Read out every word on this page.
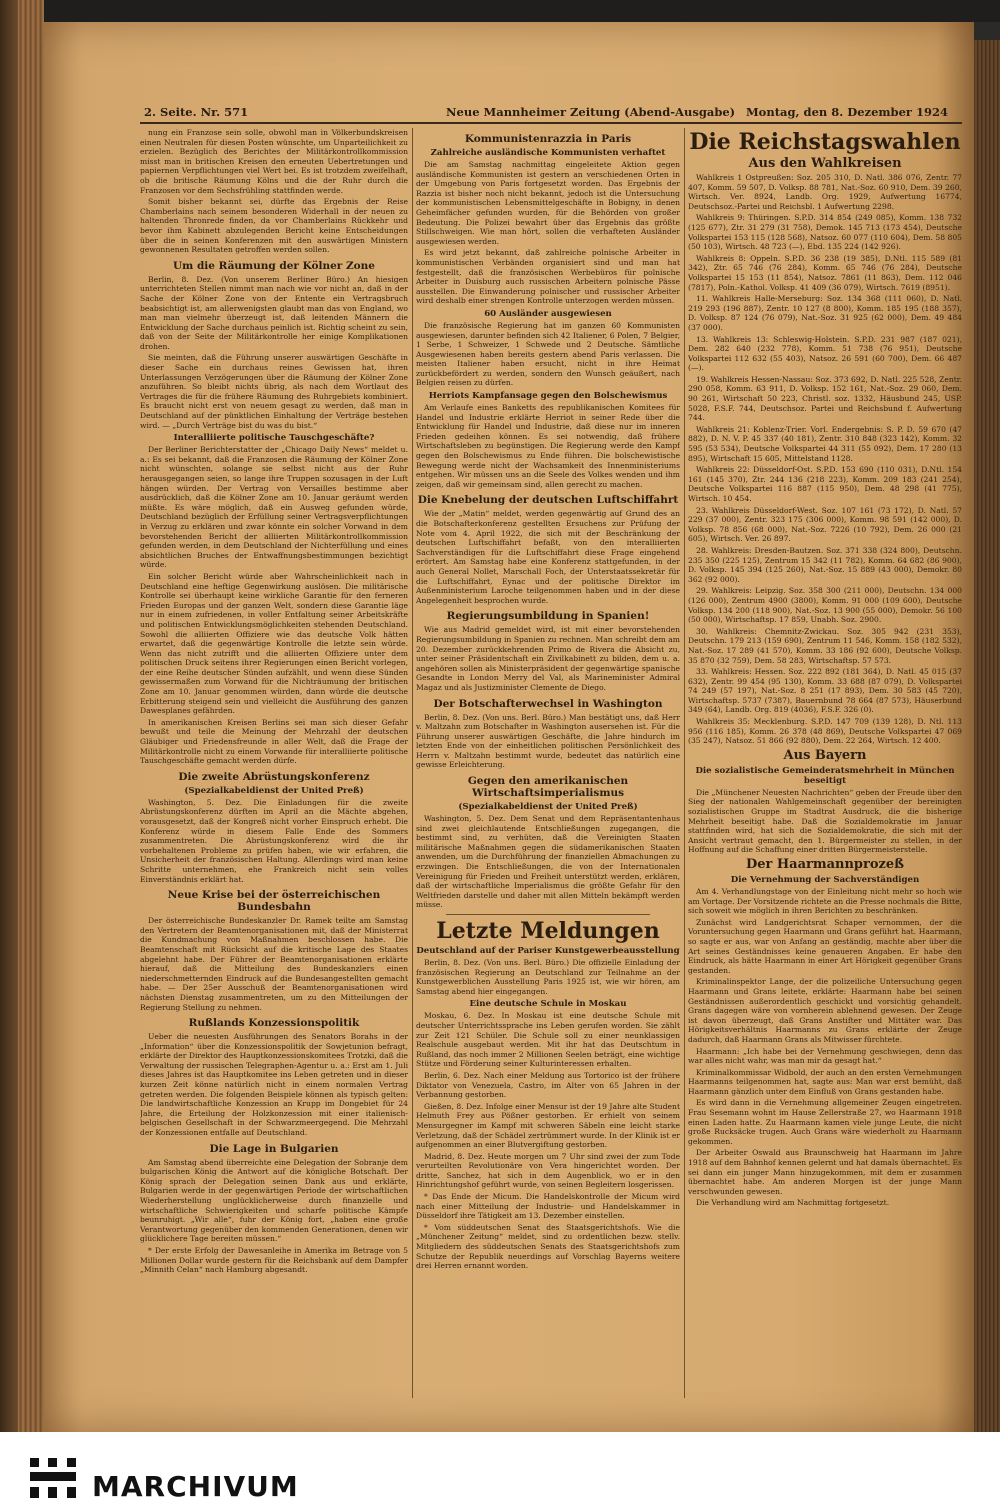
2. Seite. Nr. 571	Neue Mannheimer Zeitung (Abend-Ausgabe) Montag, den 8. Dezember 1924

nung ein Franzose sein solle, obwohl man in Völkerbundskreisen einen Neutralen für diesen Posten wünschte, um Unparteilichkeit zu erzielen. Bezüglich des Berichtes der Militärkontrollkommission misst man in britischen Kreisen den erneuten Uebertretungen und papiernen Verpflichtungen viel Wert bei. Es ist trotzdem zweifelhaft, ob die britische Räumung Kölns und die der Ruhr durch die Franzosen vor dem Sechsfrühling stattfinden werde.

Somit bisher bekannt sei, dürfte das Ergebnis der Reise Chamberlains nach seinem besonderen Widerhall in der neuen zu haltenden Thronrede finden, da vor Chamberlains Rückkehr und bevor ihm Kabinett abzulegenden Bericht keine Entscheidungen über die in seinen Konferenzen mit den auswärtigen Ministern gewonnenen Resultaten getroffen werden sollen.

Um die Räumung der Kölner Zone

Berlin, 8. Dez. (Von unserem Berliner Büro.) An hiesigen unterrichteten Stellen nimmt man nach wie vor nicht an, daß in der Sache der Kölner Zone von der Entente ein Vertragsbruch beabsichtigt ist, am allerwenigsten glaubt man das von England, wo man man vielmehr überzeugt ist, daß leitenden Männern die Entwicklung der Sache durchaus peinlich ist. Richtig scheint zu sein, daß von der Seite der Militärkontrolle her einige Komplikationen drohen.

Sie meinten, daß die Führung unserer auswärtigen Geschäfte in dieser Sache ein durchaus reines Gewissen hat, ihren Unterlassungen Verzögerungen über die Räumung der Kölner Zone anzuführen. So bleibt nichts übrig, als nach dem Wortlaut des Vertrages die für die frühere Räumung des Ruhrgebiets kombiniert. Es braucht nicht erst von neuem gesagt zu werden, daß man in Deutschland auf der pünktlichen Einhaltung der Verträge bestehen wird. — „Durch Verträge bist du was du bist.“

Interalliierte politische Tauschgeschäfte?

Der Berliner Berichterstatter der „Chicago Daily News“ meldet u. a.: Es sei bekannt, daß die Franzosen die Räumung der Kölner Zone nicht wünschten, solange sie selbst nicht aus der Ruhr herausgegangen seien, so lange ihre Truppen sozusagen in der Luft hängen würden. Der Vertrag von Versailles bestimme aber ausdrücklich, daß die Kölner Zone am 10. Januar geräumt werden müßte. Es wäre möglich, daß ein Ausweg gefunden würde, Deutschland bezüglich der Erfüllung seiner Vertragsverpflichtungen in Verzug zu erklären und zwar könnte ein solcher Vorwand in dem bevorstehenden Bericht der alliierten Militärkontrollkommission gefunden werden, in dem Deutschland der Nichterfüllung und eines absichtlichen Bruches der Entwaffnungsbestimmungen bezichtigt würde.

Ein solcher Bericht würde aber Wahrscheinlichkeit nach in Deutschland eine heftige Gegenwirkung auslösen. Die militärische Kontrolle sei überhaupt keine wirkliche Garantie für den ferneren Frieden Europas und der ganzen Welt, sondern diese Garantie läge nur in einem zufriedenen, in voller Entfaltung seiner Arbeitskräfte und politischen Entwicklungsmöglichkeiten stehenden Deutschland. Sowohl die alliierten Offiziere wie das deutsche Volk hätten erwartet, daß die gegenwärtige Kontrolle die letzte sein würde. Wenn das nicht zutrifft und die alliierten Offiziere unter dem politischen Druck seitens ihrer Regierungen einen Bericht vorlegen, der eine Reihe deutscher Sünden aufzählt, und wenn diese Sünden gewissermaßen zum Vorwand für die Nichträumung der britischen Zone am 10. Januar genommen würden, dann würde die deutsche Erbitterung steigend sein und vielleicht die Ausführung des ganzen Dawesplanes gefährden.

In amerikanischen Kreisen Berlins sei man sich dieser Gefahr bewußt und teile die Meinung der Mehrzahl der deutschen Gläubiger und Friedensfreunde in aller Welt, daß die Frage der Militärkontrolle nicht zu einem Vorwande für interalliierte politische Tauschgeschäfte gemacht werden dürfe.

Die zweite Abrüstungskonferenz
(Spezialkabeldienst der United Preß)

Washington, 5. Dez. Die Einladungen für die zweite Abrüstungskonferenz dürften im April an die Mächte abgehen, vorausgesetzt, daß der Kongreß nicht vorher Einspruch erhebt. Die Konferenz würde in diesem Falle Ende des Sommers zusammentreten. Die Abrüstungskonferenz wird die ihr vorbehaltenen Probleme zu prüfen haben, wie wir erfahren, die Unsicherheit der französischen Haltung. Allerdings wird man keine Schritte unternehmen, ehe Frankreich nicht sein volles Einverständnis erklärt hat.

Neue Krise bei der österreichischen Bundesbahn

Der österreichische Bundeskanzler Dr. Ramek teilte am Samstag den Vertretern der Beamtenorganisationen mit, daß der Ministerrat die Kundmachung von Maßnahmen beschlossen habe. Die Beamtenschaft mit Rücksicht auf die kritische Lage des Staates abgelehnt habe. Der Führer der Beamtenorganisationen erklärte hierauf, daß die Mitteilung des Bundeskanzlers einen niederschmetternden Eindruck auf die Bundesangestellten gemacht habe. — Der 25er Ausschuß der Beamtenorganisationen wird nächsten Dienstag zusammentreten, um zu den Mitteilungen der Regierung Stellung zu nehmen.

Rußlands Konzessionspolitik

Ueber die neuesten Ausführungen des Senators Borahs in der „Information“ über die Konzessionspolitik der Sowjetunion befragt, erklärte der Direktor des Hauptkonzessionskomitees Trotzki, daß die Verwaltung der russischen Telegraphen-Agentur u. a.: Erst am 1. Juli dieses Jahres ist das Hauptkomitee ins Leben getreten und in dieser kurzen Zeit könne natürlich nicht in einem normalen Vertrag getreten werden. Die folgenden Beispiele können als typisch gelten: Die landwirtschaftliche Konzession an Krupp im Dongebiet für 24 Jahre, die Erteilung der Holzkonzession mit einer italienisch-belgischen Gesellschaft in der Schwarzmeergegend. Die Mehrzahl der Konzessionen entfalle auf Deutschland.

Die Lage in Bulgarien

Am Samstag abend überreichte eine Delegation der Sobranje dem bulgarischen König die Antwort auf die königliche Botschaft. Der König sprach der Delegation seinen Dank aus und erklärte, Bulgarien werde in der gegenwärtigen Periode der wirtschaftlichen Wiederherstellung unglücklicherweise durch finanzielle und wirtschaftliche Schwierigkeiten und scharfe politische Kämpfe beunruhigt. „Wir alle“, fuhr der König fort, „haben eine große Verantwortung gegenüber den kommenden Generationen, denen wir glücklichere Tage bereiten müssen.“

* Der erste Erfolg der Dawesanleihe in Amerika im Betrage von 5 Millionen Dollar wurde gestern für die Reichsbank auf dem Dampfer „Minnith Celan“ nach Hamburg abgesandt.

Kommunistenrazzia in Paris
Zahlreiche ausländische Kommunisten verhaftet

Die am Samstag nachmittag eingeleitete Aktion gegen ausländische Kommunisten ist gestern an verschiedenen Orten in der Umgebung von Paris fortgesetzt worden. Das Ergebnis der Razzia ist bisher noch nicht bekannt, jedoch ist die Untersuchung der kommunistischen Lebensmittelgeschäfte in Bobigny, in denen Geheimfächer gefunden wurden, für die Behörden von großer Bedeutung. Die Polizei bewahrt über das Ergebnis das größte Stillschweigen. Wie man hört, sollen die verhafteten Ausländer ausgewiesen werden.

Es wird jetzt bekannt, daß zahlreiche polnische Arbeiter in kommunistischen Verbänden organisiert sind und man hat festgestellt, daß die französischen Werbebüros für polnische Arbeiter in Duisburg auch russischen Arbeitern polnische Pässe ausstellen. Die Einwanderung polnischer und russischer Arbeiter wird deshalb einer strengen Kontrolle unterzogen werden müssen.

60 Ausländer ausgewiesen

Die französische Regierung hat im ganzen 60 Kommunisten ausgewiesen, darunter befinden sich 42 Italiener, 6 Polen, 7 Belgier, 1 Serbe, 1 Schweizer, 1 Schwede und 2 Deutsche. Sämtliche Ausgewiesenen haben bereits gestern abend Paris verlassen. Die meisten Italiener haben ersucht, nicht in ihre Heimat zurückbefördert zu werden, sondern den Wunsch geäußert, nach Belgien reisen zu dürfen.

Herriots Kampfansage gegen den Bolschewismus

Am Verlaufe eines Banketts des republikanischen Komitees für Handel und Industrie erklärte Herriot in seiner Rede über die Entwicklung für Handel und Industrie, daß diese nur im inneren Frieden gedeihen können. Es sei notwendig, daß frühere Wirtschaftsleben zu begünstigen. Die Regierung werde den Kampf gegen den Bolschewismus zu Ende führen. Die bolschewistische Bewegung werde nicht der Wachsamkeit des Innenministeriums entgehen. Wir müssen uns an die Seele des Volkes wenden und ihm zeigen, daß wir gemeinsam sind, allen gerecht zu machen.

Die Knebelung der deutschen Luftschiffahrt

Wie der „Matin“ meldet, werden gegenwärtig auf Grund des an die Botschafterkonferenz gestellten Ersuchens zur Prüfung der Note vom 4. April 1922, die sich mit der Beschränkung der deutschen Luftschiffahrt befaßt, von den interalliierten Sachverständigen für die Luftschiffahrt diese Frage eingehend erörtert. Am Samstag habe eine Konferenz stattgefunden, in der auch General Nollet, Marschall Foch, der Unterstaatssekretär für die Luftschiffahrt, Eynac und der politische Direktor im Außenministerium Laroche teilgenommen haben und in der diese Angelegenheit besprochen wurde.

Regierungsumbildung in Spanien!

Wie aus Madrid gemeldet wird, ist mit einer bevorstehenden Regierungsumbildung in Spanien zu rechnen. Man schreibt dem am 20. Dezember zurückkehrenden Primo de Rivera die Absicht zu, unter seiner Präsidentschaft ein Zivilkabinett zu bilden, dem u. a. angehören sollen als Ministerpräsident der gegenwärtige spanische Gesandte in London Merry del Val, als Marineminister Admiral Magaz und als Justizminister Clemente de Diego.

Der Botschafterwechsel in Washington

Berlin, 8. Dez. (Von uns. Berl. Büro.) Man bestätigt uns, daß Herr v. Maltzahn zum Botschafter in Washington ausersehen ist. Für die Führung unserer auswärtigen Geschäfte, die Jahre hindurch im letzten Ende von der einheitlichen politischen Persönlichkeit des Herrn v. Maltzahn bestimmt wurde, bedeutet das natürlich eine gewisse Erleichterung.

Gegen den amerikanischen Wirtschaftsimperialismus
(Spezialkabeldienst der United Preß)

Washington, 5. Dez. Dem Senat und dem Repräsentantenhaus sind zwei gleichlautende Entschließungen zugegangen, die bestimmt sind, zu verhüten, daß die Vereinigten Staaten militärische Maßnahmen gegen die südamerikanischen Staaten anwenden, um die Durchführung der finanziellen Abmachungen zu erzwingen. Die Entschließungen, die von der Internationalen Vereinigung für Frieden und Freiheit unterstützt werden, erklären, daß der wirtschaftliche Imperialismus die größte Gefahr für den Weltfrieden darstelle und daher mit allen Mitteln bekämpft werden müsse.

Letzte Meldungen
Deutschland auf der Pariser Kunstgewerbeausstellung

Berlin, 8. Dez. (Von uns. Berl. Büro.) Die offizielle Einladung der französischen Regierung an Deutschland zur Teilnahme an der Kunstgewerblichen Ausstellung Paris 1925 ist, wie wir hören, am Samstag abend hier eingegangen.

Eine deutsche Schule in Moskau

Moskau, 6. Dez. In Moskau ist eine deutsche Schule mit deutscher Unterrichtssprache ins Leben gerufen worden. Sie zählt zur Zeit 121 Schüler. Die Schule soll zu einer neunklassigen Realschule ausgebaut werden. Mit ihr hat das Deutschtum in Rußland, das noch immer 2 Millionen Seelen beträgt, eine wichtige Stütze und Förderung seiner Kulturinteressen erhalten.

Berlin, 6. Dez. Nach einer Meldung aus Tortorico ist der frühere Diktator von Venezuela, Castro, im Alter von 65 Jahren in der Verbannung gestorben.

Gießen, 8. Dez. Infolge einer Mensur ist der 19 Jahre alte Student Helmuth Frey aus Pößner gestorben. Er erhielt von seinem Mensurgegner im Kampf mit schweren Säbeln eine leicht starke Verletzung, daß der Schädel zertrümmert wurde. In der Klinik ist er aufgenommen an einer Blutvergiftung gestorben.

Madrid, 8. Dez. Heute morgen um 7 Uhr sind zwei der zum Tode verurteilten Revolutionäre von Vera hingerichtet worden. Der dritte, Sanchez, hat sich in dem Augenblick, wo er in den Hinrichtungshof geführt wurde, von seinen Begleitern losgerissen.

* Das Ende der Micum. Die Handelskontrolle der Micum wird nach einer Mitteilung der Industrie- und Handelskammer in Düsseldorf ihre Tätigkeit am 13. Dezember einstellen.

* Vom süddeutschen Senat des Staatsgerichtshofs. Wie die „Münchener Zeitung“ meldet, sind zu ordentlichen bezw. stellv. Mitgliedern des süddeutschen Senats des Staatsgerichtshofs zum Schutze der Republik neuerdings auf Vorschlag Bayerns weitere drei Herren ernannt worden.

Die Reichstagswahlen
Aus den Wahlkreisen

Wahlkreis 1 Ostpreußen: Soz. 205 310, D. Natl. 386 076, Zentr. 77 407, Komm. 59 507, D. Volksp. 88 781, Nat.-Soz. 60 910, Dem. 39 260, Wirtsch. Ver. 8924, Landb. Org. 1929, Aufwertung 16774, Deutschsoz.-Partei und Reichsbl. 1 Aufwertung 2298.

Wahlkreis 9: Thüringen. S.P.D. 314 854 (249 085), Komm. 138 732 (125 677), Ztr. 31 279 (31 758), Demok. 145 713 (173 454), Deutsche Volkspartei 153 115 (128 568), Natsoz. 60 077 (110 604), Dem. 58 805 (50 103), Wirtsch. 48 723 (—), Ebd. 135 224 (142 926).

Wahlkreis 8: Oppeln. S.P.D. 36 238 (19 385), D.Ntl. 115 589 (81 342), Ztr. 65 746 (76 284), Komm. 65 746 (76 284), Deutsche Volkspartei 15 153 (11 854), Natsoz. 7861 (11 863), Dem. 112 046 (7817), Poln.-Kathol. Volksp. 41 409 (36 079), Wirtsch. 7619 (8951).

11. Wahlkreis Halle-Merseburg: Soz. 134 368 (111 060), D. Natl. 219 293 (196 887), Zentr. 10 127 (8 800), Komm. 185 195 (188 357), D. Volksp. 87 124 (76 079), Nat.-Soz. 31 925 (62 000), Dem. 49 484 (37 000).

13. Wahlkreis 13: Schleswig-Holstein. S.P.D. 231 987 (187 021), Dem. 282 640 (232 778), Komm. 51 738 (76 951), Deutsche Volkspartei 112 632 (55 403), Natsoz. 26 591 (60 700), Dem. 66 487 (—).

19. Wahlkreis Hessen-Nassau: Soz. 373 692, D. Natl. 225 528, Zentr. 290 058, Komm. 63 911, D. Volksp. 152 161, Nat.-Soz. 29 060, Dem. 90 261, Wirtschaft 50 223, Christl. soz. 1332, Häusbund 245, USP. 5028, F.S.F. 744, Deutschsoz. Partei und Reichsbund f. Aufwertung 744.

Wahlkreis 21: Koblenz-Trier. Vorl. Endergebnis: S. P. D. 59 670 (47 882), D. N. V. P. 45 337 (40 181), Zentr. 310 848 (323 142), Komm. 32 595 (53 534), Deutsche Volkspartei 44 311 (55 092), Dem. 17 280 (13 895), Wirtschaft 15 605, Mittelstand 1128.

Wahlkreis 22: Düsseldorf-Ost. S.P.D. 153 690 (110 031), D.Ntl. 154 161 (145 370), Ztr. 244 136 (218 223), Komm. 209 183 (241 254), Deutsche Volkspartei 116 887 (115 950), Dem. 48 298 (41 775), Wirtsch. 10 454.

23. Wahlkreis Düsseldorf-West. Soz. 107 161 (73 172), D. Natl. 57 229 (37 000), Zentr. 323 175 (306 000), Komm. 98 591 (142 000), D. Volksp. 78 856 (68 000), Nat.-Soz. 7226 (10 792), Dem. 26 000 (21 605), Wirtsch. Ver. 26 897.

28. Wahlkreis: Dresden-Bautzen. Soz. 371 338 (324 800), Deutschn. 235 350 (225 125), Zentrum 15 342 (11 782), Komm. 64 682 (86 900), D. Volksp. 145 394 (125 260), Nat.-Soz. 15 889 (43 000), Demokr. 80 362 (92 000).

29. Wahlkreis: Leipzig. Soz. 358 300 (211 000), Deutschn. 134 000 (126 000), Zentrum 4900 (3800), Komm. 91 000 (109 600), Deutsche Volksp. 134 200 (118 900), Nat.-Soz. 13 900 (55 000), Demokr. 56 100 (50 000), Wirtschaftsp. 17 859, Unabh. Soz. 2900.

30. Wahlkreis: Chemnitz-Zwickau. Soz. 305 942 (231 353), Deutschn. 179 213 (159 690), Zentrum 11 546, Komm. 158 (182 532), Nat.-Soz. 17 289 (41 570), Komm. 33 186 (92 600), Deutsche Volksp. 35 870 (32 759), Dem. 58 283, Wirtschaftsp. 57 573.

33. Wahlkreis: Hessen. Soz. 222 892 (181 364), D. Natl. 45 015 (37 632), Zentr. 99 454 (95 130), Komm. 33 688 (87 079), D. Volkspartei 74 249 (57 197), Nat.-Soz. 8 251 (17 893), Dem. 30 583 (45 720), Wirtschaftsp. 5737 (7387), Bauernbund 78 664 (87 573), Häuserbund 349 (64), Landb. Org. 819 (4036), F.S.F. 326 (0).

Wahlkreis 35: Mecklenburg. S.P.D. 147 709 (139 128), D. Ntl. 113 956 (116 185), Komm. 26 378 (48 869), Deutsche Volkspartei 47 069 (35 247), Natsoz. 51 866 (92 880), Dem. 22 264, Wirtsch. 12 400.

Aus Bayern
Die sozialistische Gemeinderatsmehrheit in München beseitigt

Die „Münchener Neuesten Nachrichten“ geben der Freude über den Sieg der nationalen Wahlgemeinschaft gegenüber der bereinigten sozialistischen Gruppe im Stadtrat Ausdruck, die die bisherige Mehrheit beseitigt habe. Daß die Sozialdemokratie im Januar stattfinden wird, hat sich die Sozialdemokratie, die sich mit der Ansicht vertraut gemacht, den 1. Bürgermeister zu stellen, in der Hoffnung auf die Schaffung einer dritten Bürgermeisterstelle.

Der Haarmannprozeß
Die Vernehmung der Sachverständigen

Am 4. Verhandlungstage von der Einleitung nicht mehr so hoch wie am Vortage. Der Vorsitzende richtete an die Presse nochmals die Bitte, sich soweit wie möglich in ihren Berichten zu beschränken.

Zunächst wird Landgerichtsrat Schaper vernommen, der die Voruntersuchung gegen Haarmann und Grans geführt hat. Haarmann, so sagte er aus, war von Anfang an geständig, machte aber über die Art seines Geständnisses keine genaueren Angaben. Er habe den Eindruck, als hätte Haarmann in einer Art Hörigkeit gegenüber Grans gestanden.

Kriminalinspektor Lange, der die polizeiliche Untersuchung gegen Haarmann und Grans leitete, erklärte: Haarmann habe bei seinen Geständnissen außerordentlich geschickt und vorsichtig gehandelt. Grans dagegen wäre von vornherein ablehnend gewesen. Der Zeuge ist davon überzeugt, daß Grans Anstifter und Mittäter war. Das Hörigkeitsverhältnis Haarmanns zu Grans erklärte der Zeuge dadurch, daß Haarmann Grans als Mitwisser fürchtete.

Haarmann: „Ich habe bei der Vernehmung geschwiegen, denn das war alles nicht wahr, was man mir da gesagt hat.“

Kriminalkommissar Widbold, der auch an den ersten Vernehmungen Haarmanns teilgenommen hat, sagte aus: Man war erst bemüht, daß Haarmann gänzlich unter dem Einfluß von Grans gestanden habe.

Es wird dann in die Vernehmung allgemeiner Zeugen eingetreten. Frau Sesemann wohnt im Hause Zellerstraße 27, wo Haarmann 1918 einen Laden hatte. Zu Haarmann kamen viele junge Leute, die nicht große Rucksäcke trugen. Auch Grans wäre wiederholt zu Haarmann gekommen.

Der Arbeiter Oswald aus Braunschweig hat Haarmann im Jahre 1918 auf dem Bahnhof kennen gelernt und hat damals übernachtet. Es sei dann ein junger Mann hinzugekommen, mit dem er zusammen übernachtet habe. Am anderen Morgen ist der junge Mann verschwunden gewesen.

Die Verhandlung wird am Nachmittag fortgesetzt.

MARCHIVUM
